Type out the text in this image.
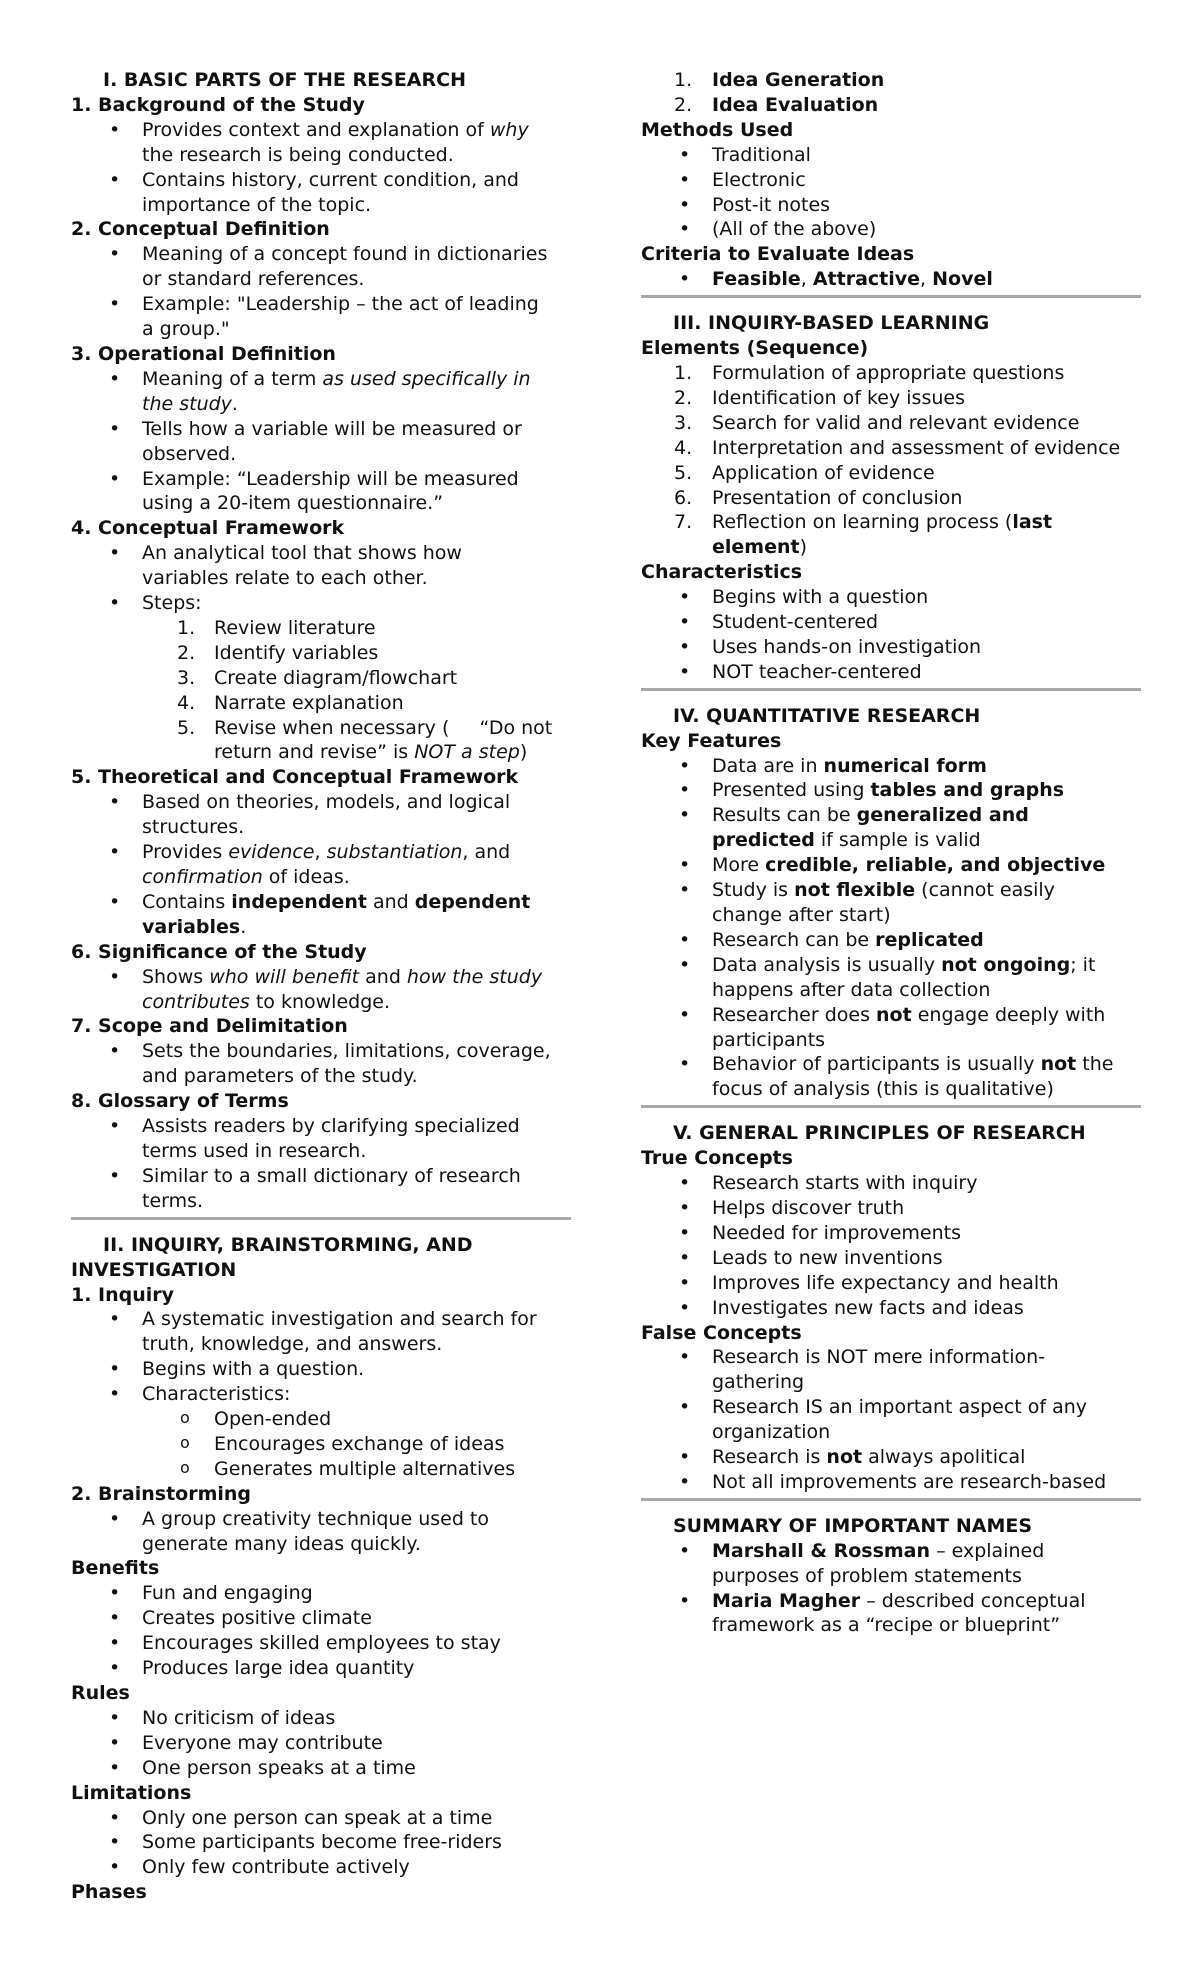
I. BASIC PARTS OF THE RESEARCH
1. Background of the Study
• Provides context and explanation of why
the research is being conducted.
• Contains history, current condition, and
importance of the topic.
2. Conceptual Definition
• Meaning of a concept found in dictionaries
or standard references.
• Example: "Leadership – the act of leading
a group."
3. Operational Definition
• Meaning of a term as used specifically in
the study.
• Tells how a variable will be measured or
observed.
• Example: “Leadership will be measured
using a 20-item questionnaire.”
4. Conceptual Framework
• An analytical tool that shows how
variables relate to each other.
• Steps:
1. Review literature
2. Identify variables
3. Create diagram/flowchart
4. Narrate explanation
5. Revise when necessary (     “Do not
return and revise” is NOT a step)
5. Theoretical and Conceptual Framework
• Based on theories, models, and logical
structures.
• Provides evidence, substantiation, and
confirmation of ideas.
• Contains independent and dependent
variables.
6. Significance of the Study
• Shows who will benefit and how the study
contributes to knowledge.
7. Scope and Delimitation
• Sets the boundaries, limitations, coverage,
and parameters of the study.
8. Glossary of Terms
• Assists readers by clarifying specialized
terms used in research.
• Similar to a small dictionary of research
terms.
II. INQUIRY, BRAINSTORMING, AND
INVESTIGATION
1. Inquiry
• A systematic investigation and search for
truth, knowledge, and answers.
• Begins with a question.
• Characteristics:
o Open-ended
o Encourages exchange of ideas
o Generates multiple alternatives
2. Brainstorming
• A group creativity technique used to
generate many ideas quickly.
Benefits
• Fun and engaging
• Creates positive climate
• Encourages skilled employees to stay
• Produces large idea quantity
Rules
• No criticism of ideas
• Everyone may contribute
• One person speaks at a time
Limitations
• Only one person can speak at a time
• Some participants become free-riders
• Only few contribute actively
Phases
1. Idea Generation
2. Idea Evaluation
Methods Used
• Traditional
• Electronic
• Post-it notes
• (All of the above)
Criteria to Evaluate Ideas
• Feasible, Attractive, Novel
III. INQUIRY-BASED LEARNING
Elements (Sequence)
1. Formulation of appropriate questions
2. Identification of key issues
3. Search for valid and relevant evidence
4. Interpretation and assessment of evidence
5. Application of evidence
6. Presentation of conclusion
7. Reflection on learning process (last
element)
Characteristics
• Begins with a question
• Student-centered
• Uses hands-on investigation
• NOT teacher-centered
IV. QUANTITATIVE RESEARCH
Key Features
• Data are in numerical form
• Presented using tables and graphs
• Results can be generalized and
predicted if sample is valid
• More credible, reliable, and objective
• Study is not flexible (cannot easily
change after start)
• Research can be replicated
• Data analysis is usually not ongoing; it
happens after data collection
• Researcher does not engage deeply with
participants
• Behavior of participants is usually not the
focus of analysis (this is qualitative)
V. GENERAL PRINCIPLES OF RESEARCH
True Concepts
• Research starts with inquiry
• Helps discover truth
• Needed for improvements
• Leads to new inventions
• Improves life expectancy and health
• Investigates new facts and ideas
False Concepts
• Research is NOT mere information-
gathering
• Research IS an important aspect of any
organization
• Research is not always apolitical
• Not all improvements are research-based
SUMMARY OF IMPORTANT NAMES
• Marshall & Rossman – explained
purposes of problem statements
• Maria Magher – described conceptual
framework as a “recipe or blueprint”
